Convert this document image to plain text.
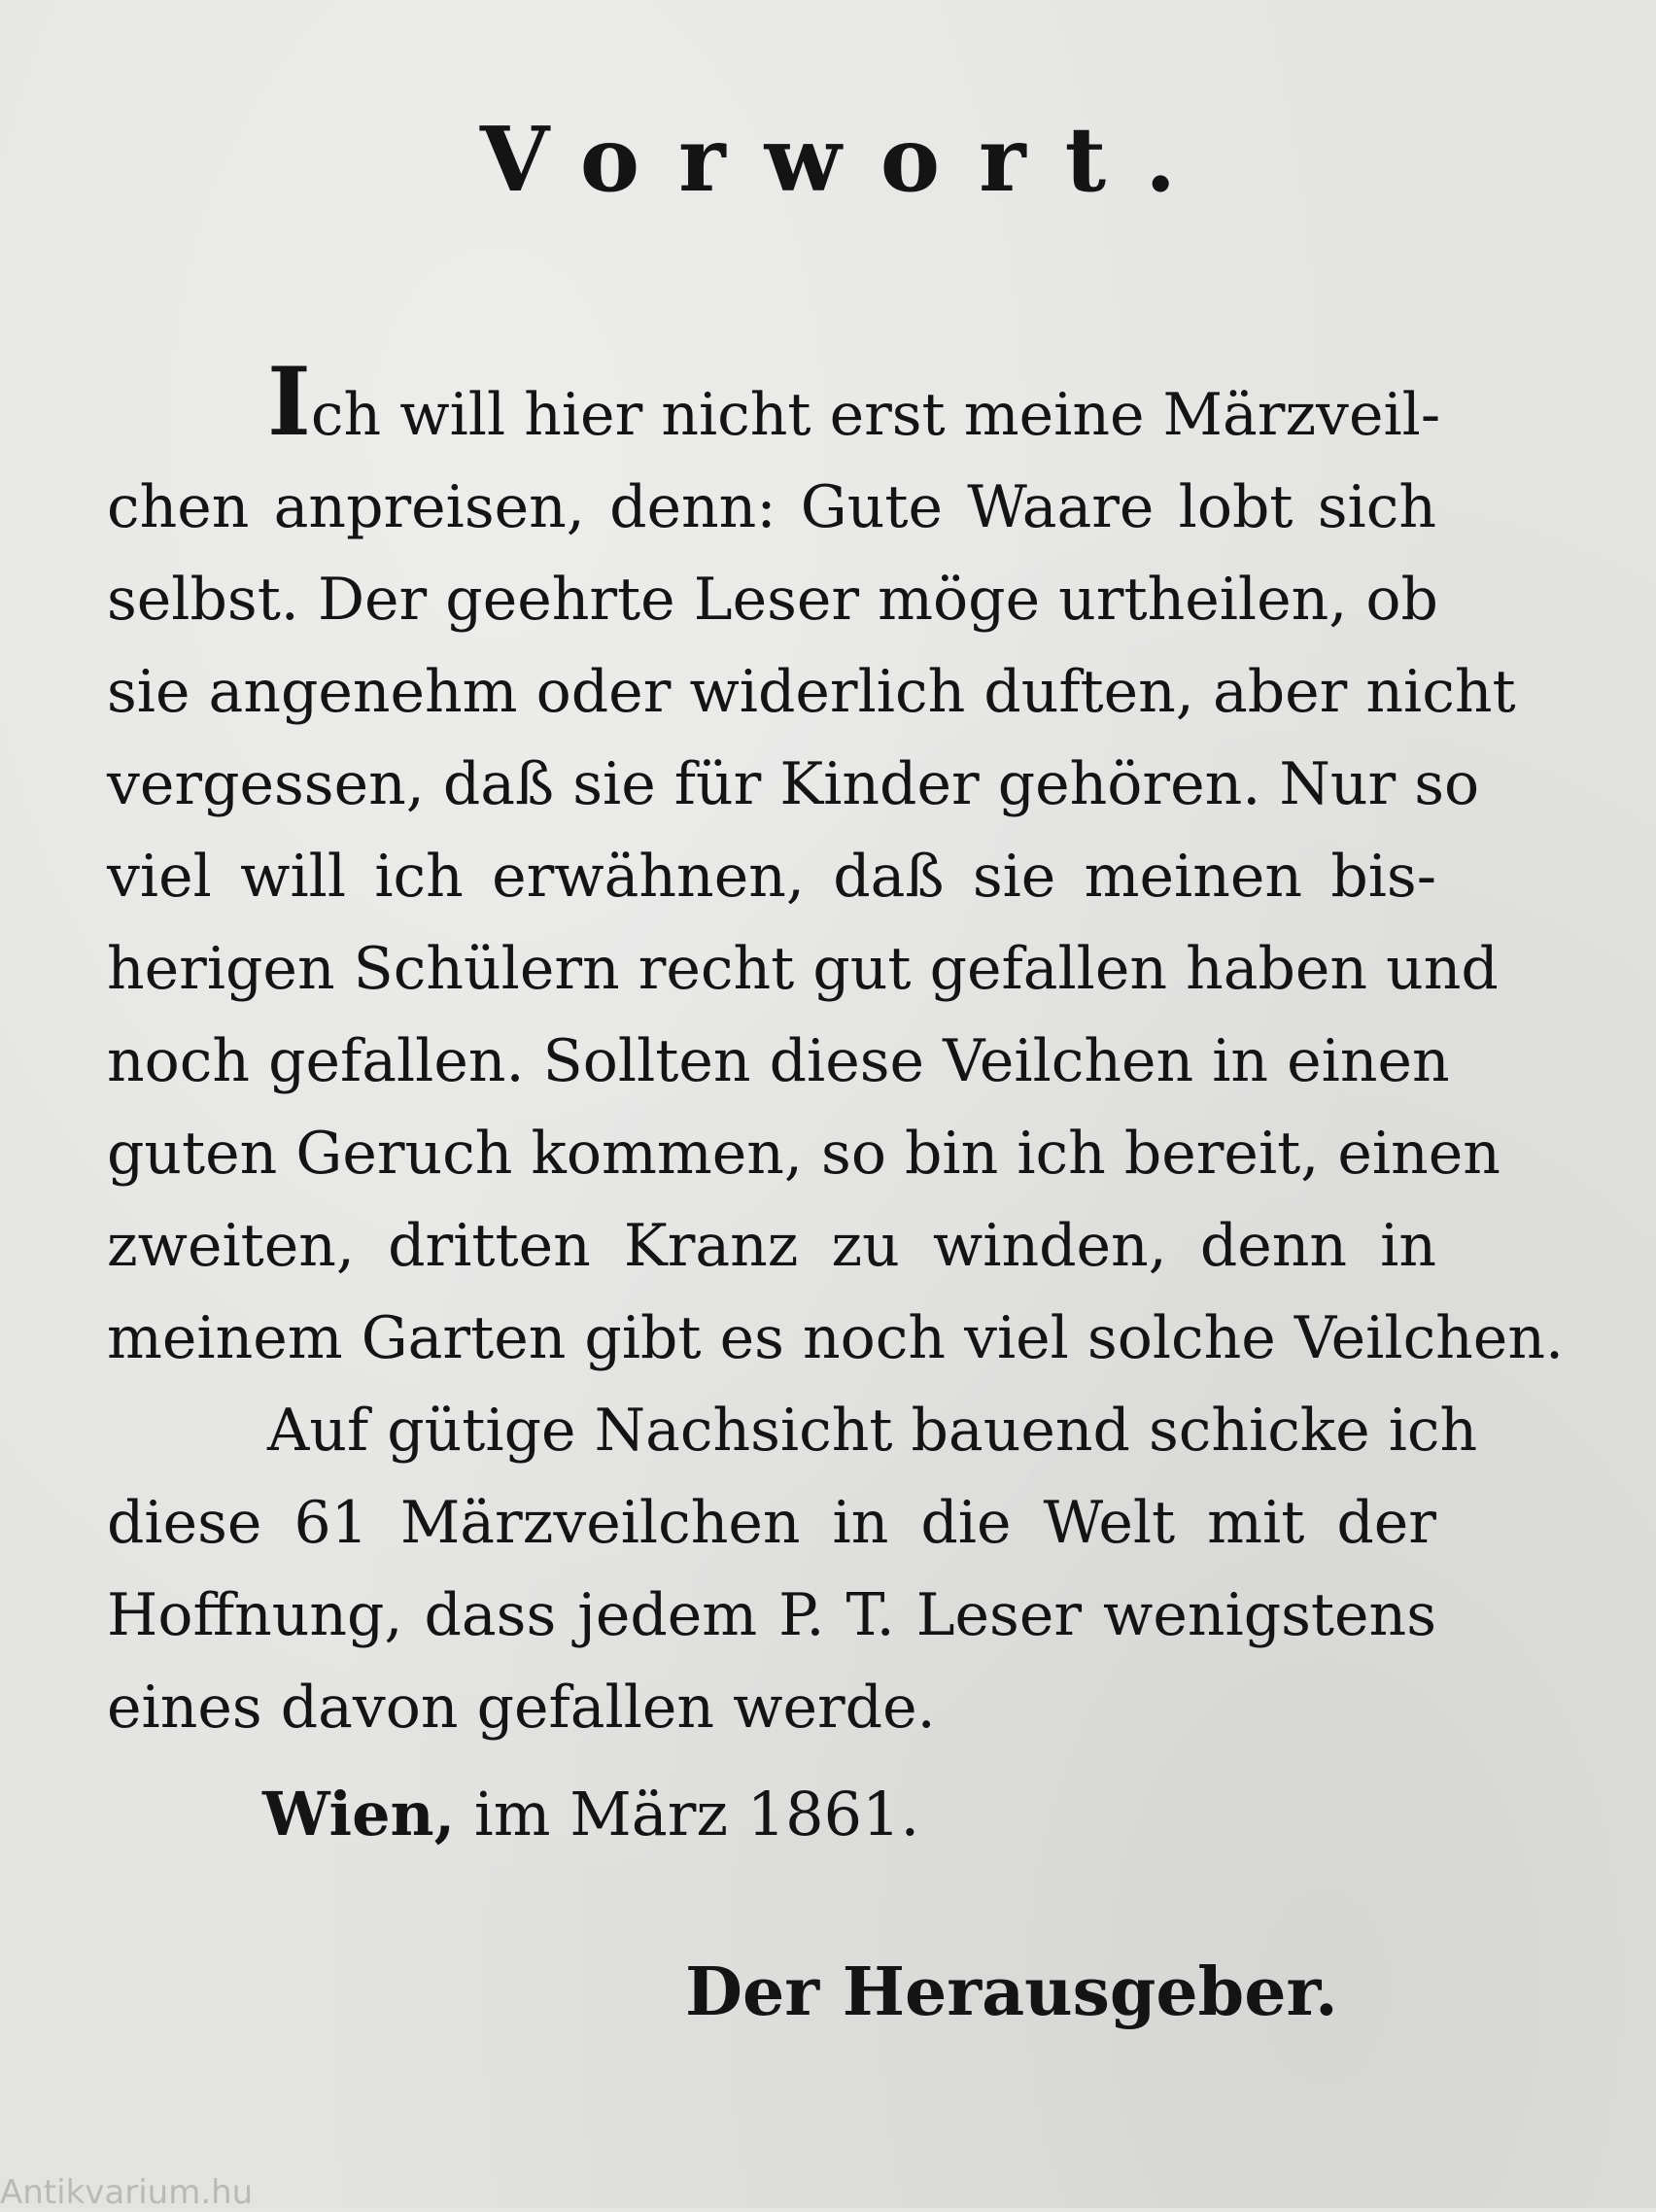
Vorwort.
Ich will hier nicht erst meine Märzveil-
chen anpreisen, denn: Gute Waare lobt sich
selbst. Der geehrte Leser möge urtheilen, ob
sie angenehm oder widerlich duften, aber nicht
vergessen, daß sie für Kinder gehören. Nur so
viel will ich erwähnen, daß sie meinen bis-
herigen Schülern recht gut gefallen haben und
noch gefallen. Sollten diese Veilchen in einen
guten Geruch kommen, so bin ich bereit, einen
zweiten, dritten Kranz zu winden, denn in
meinem Garten gibt es noch viel solche Veilchen.
Auf gütige Nachsicht bauend schicke ich
diese 61 Märzveilchen in die Welt mit der
Hoffnung, dass jedem P. T. Leser wenigstens
eines davon gefallen werde.
Wien, im März 1861.
Der Herausgeber.
Antikvarium.hu
